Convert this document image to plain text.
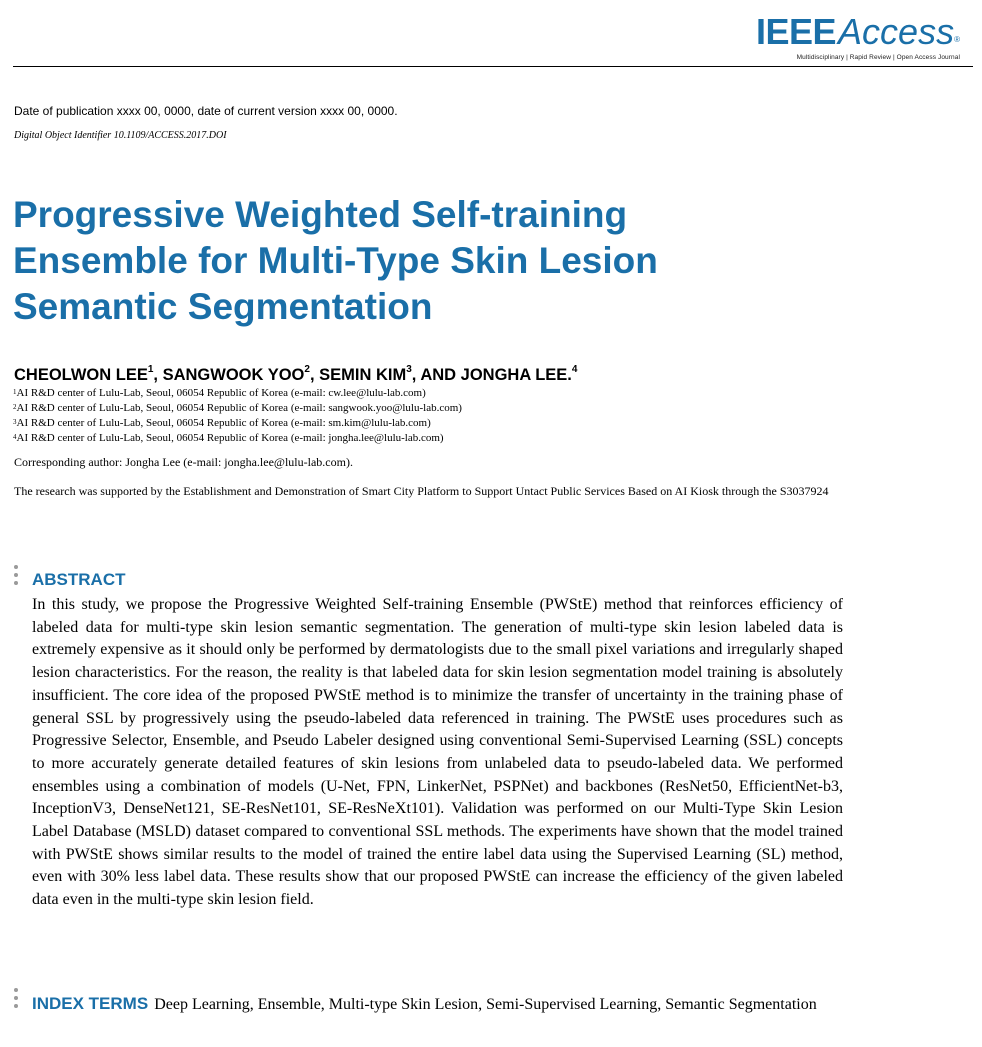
IEEEAccess®
Multidisciplinary | Rapid Review | Open Access Journal
Date of publication xxxx 00, 0000, date of current version xxxx 00, 0000.
Digital Object Identifier 10.1109/ACCESS.2017.DOI
Progressive Weighted Self-training
Ensemble for Multi-Type Skin Lesion
Semantic Segmentation
CHEOLWON LEE$^1$, SANGWOOK YOO$^2$, SEMIN KIM$^3$, AND JONGHA LEE.$^4$
$^1$AI R&D center of Lulu-Lab, Seoul, 06054 Republic of Korea (e-mail: cw.lee@lulu-lab.com)
$^2$AI R&D center of Lulu-Lab, Seoul, 06054 Republic of Korea (e-mail: sangwook.yoo@lulu-lab.com)
$^3$AI R&D center of Lulu-Lab, Seoul, 06054 Republic of Korea (e-mail: sm.kim@lulu-lab.com)
$^4$AI R&D center of Lulu-Lab, Seoul, 06054 Republic of Korea (e-mail: jongha.lee@lulu-lab.com)
Corresponding author: Jongha Lee (e-mail: jongha.lee@lulu-lab.com).
The research was supported by the Establishment and Demonstration of Smart City Platform to Support Untact Public Services Based on AI Kiosk through the S3037924
ABSTRACT
In this study, we propose the Progressive Weighted Self-training Ensemble (PWStE) method that reinforces efficiency of labeled data for multi-type skin lesion semantic segmentation. The generation of multi-type skin lesion labeled data is extremely expensive as it should only be performed by dermatologists due to the small pixel variations and irregularly shaped lesion characteristics. For the reason, the reality is that labeled data for skin lesion segmentation model training is absolutely insufficient. The core idea of the proposed PWStE method is to minimize the transfer of uncertainty in the training phase of general SSL by progressively using the pseudo-labeled data referenced in training. The PWStE uses procedures such as Progressive Selector, Ensemble, and Pseudo Labeler designed using conventional Semi-Supervised Learning (SSL) concepts to more accurately generate detailed features of skin lesions from unlabeled data to pseudo-labeled data. We performed ensembles using a combination of models (U-Net, FPN, LinkerNet, PSPNet) and backbones (ResNet50, EfficientNet-b3, InceptionV3, DenseNet121, SE-ResNet101, SE-ResNeXt101). Validation was performed on our Multi-Type Skin Lesion Label Database (MSLD) dataset compared to conventional SSL methods. The experiments have shown that the model trained with PWStE shows similar results to the model of trained the entire label data using the Supervised Learning (SL) method, even with 30% less label data. These results show that our proposed PWStE can increase the efficiency of the given labeled data even in the multi-type skin lesion field.
INDEX TERMS Deep Learning, Ensemble, Multi-type Skin Lesion, Semi-Supervised Learning, Semantic Segmentation
